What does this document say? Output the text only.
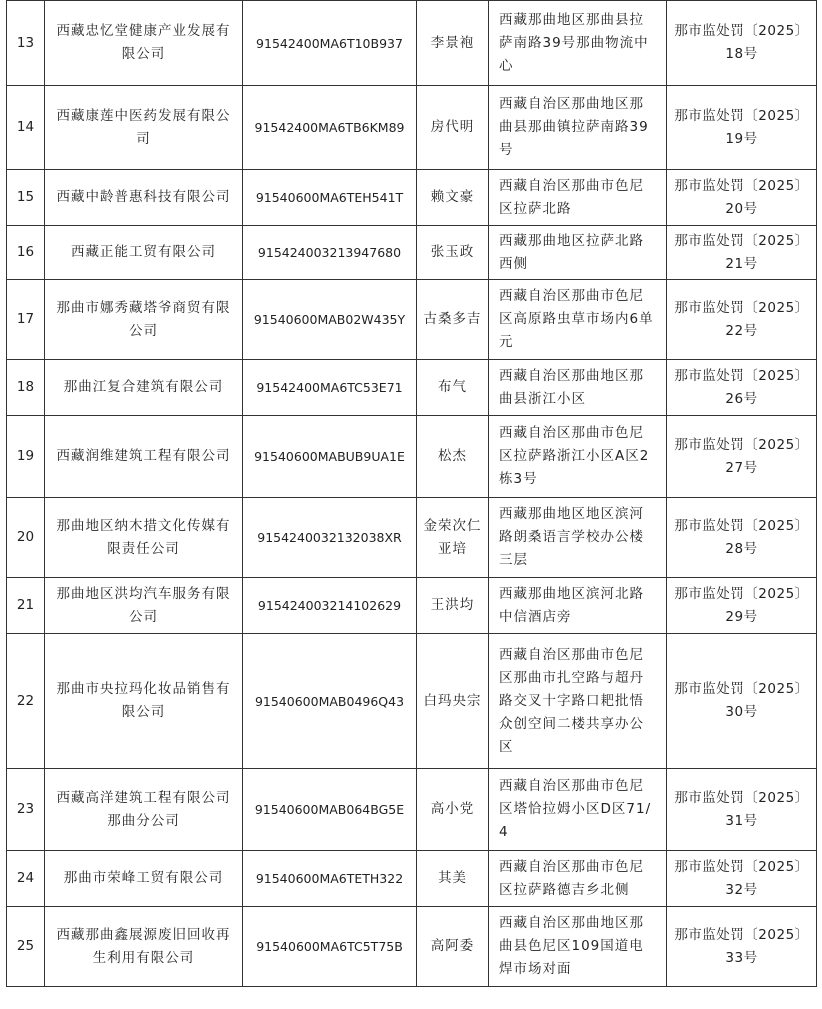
13	西藏忠忆堂健康产业发展有限公司	91542400MA6T10B937	李景袍	西藏那曲地区那曲县拉萨南路39号那曲物流中心	那市监处罚〔2025〕
18号

14	西藏康莲中医药发展有限公司	91542400MA6TB6KM89	房代明	西藏自治区那曲地区那曲县那曲镇拉萨南路39号	那市监处罚〔2025〕
19号

15	西藏中龄普惠科技有限公司	91540600MA6TEH541T	赖文豪	西藏自治区那曲市色尼区拉萨北路	那市监处罚〔2025〕
20号

16	西藏正能工贸有限公司	915424003213947680	张玉政	西藏那曲地区拉萨北路西侧	那市监处罚〔2025〕
21号

17	那曲市娜秀藏塔爷商贸有限公司	91540600MAB02W435Y	古桑多吉	西藏自治区那曲市色尼区高原路虫草市场内6单元	那市监处罚〔2025〕
22号

18	那曲江复合建筑有限公司	91542400MA6TC53E71	布气	西藏自治区那曲地区那曲县浙江小区	那市监处罚〔2025〕
26号

19	西藏润维建筑工程有限公司	91540600MABUB9UA1E	松杰	西藏自治区那曲市色尼区拉萨路浙江小区A区2栋3号	那市监处罚〔2025〕
27号

20	那曲地区纳木措文化传媒有限责任公司	9154240032132038XR	金荣次仁亚培	西藏那曲地区地区滨河路朗桑语言学校办公楼三层	那市监处罚〔2025〕
28号

21	那曲地区洪均汽车服务有限公司	915424003214102629	王洪均	西藏那曲地区滨河北路中信酒店旁	那市监处罚〔2025〕
29号

22	那曲市央拉玛化妆品销售有限公司	91540600MAB0496Q43	白玛央宗	西藏自治区那曲市色尼区那曲市扎空路与超丹路交叉十字路口耙批悟众创空间二楼共享办公区	那市监处罚〔2025〕
30号

23	西藏高洋建筑工程有限公司那曲分公司	91540600MAB064BG5E	高小党	西藏自治区那曲市色尼区塔恰拉姆小区D区71/4	那市监处罚〔2025〕
31号

24	那曲市荣峰工贸有限公司	91540600MA6TETH322	其美	西藏自治区那曲市色尼区拉萨路德吉乡北侧	那市监处罚〔2025〕
32号

25	西藏那曲鑫展源废旧回收再生利用有限公司	91540600MA6TC5T75B	高阿委	西藏自治区那曲地区那曲县色尼区109国道电焊市场对面	那市监处罚〔2025〕
33号
